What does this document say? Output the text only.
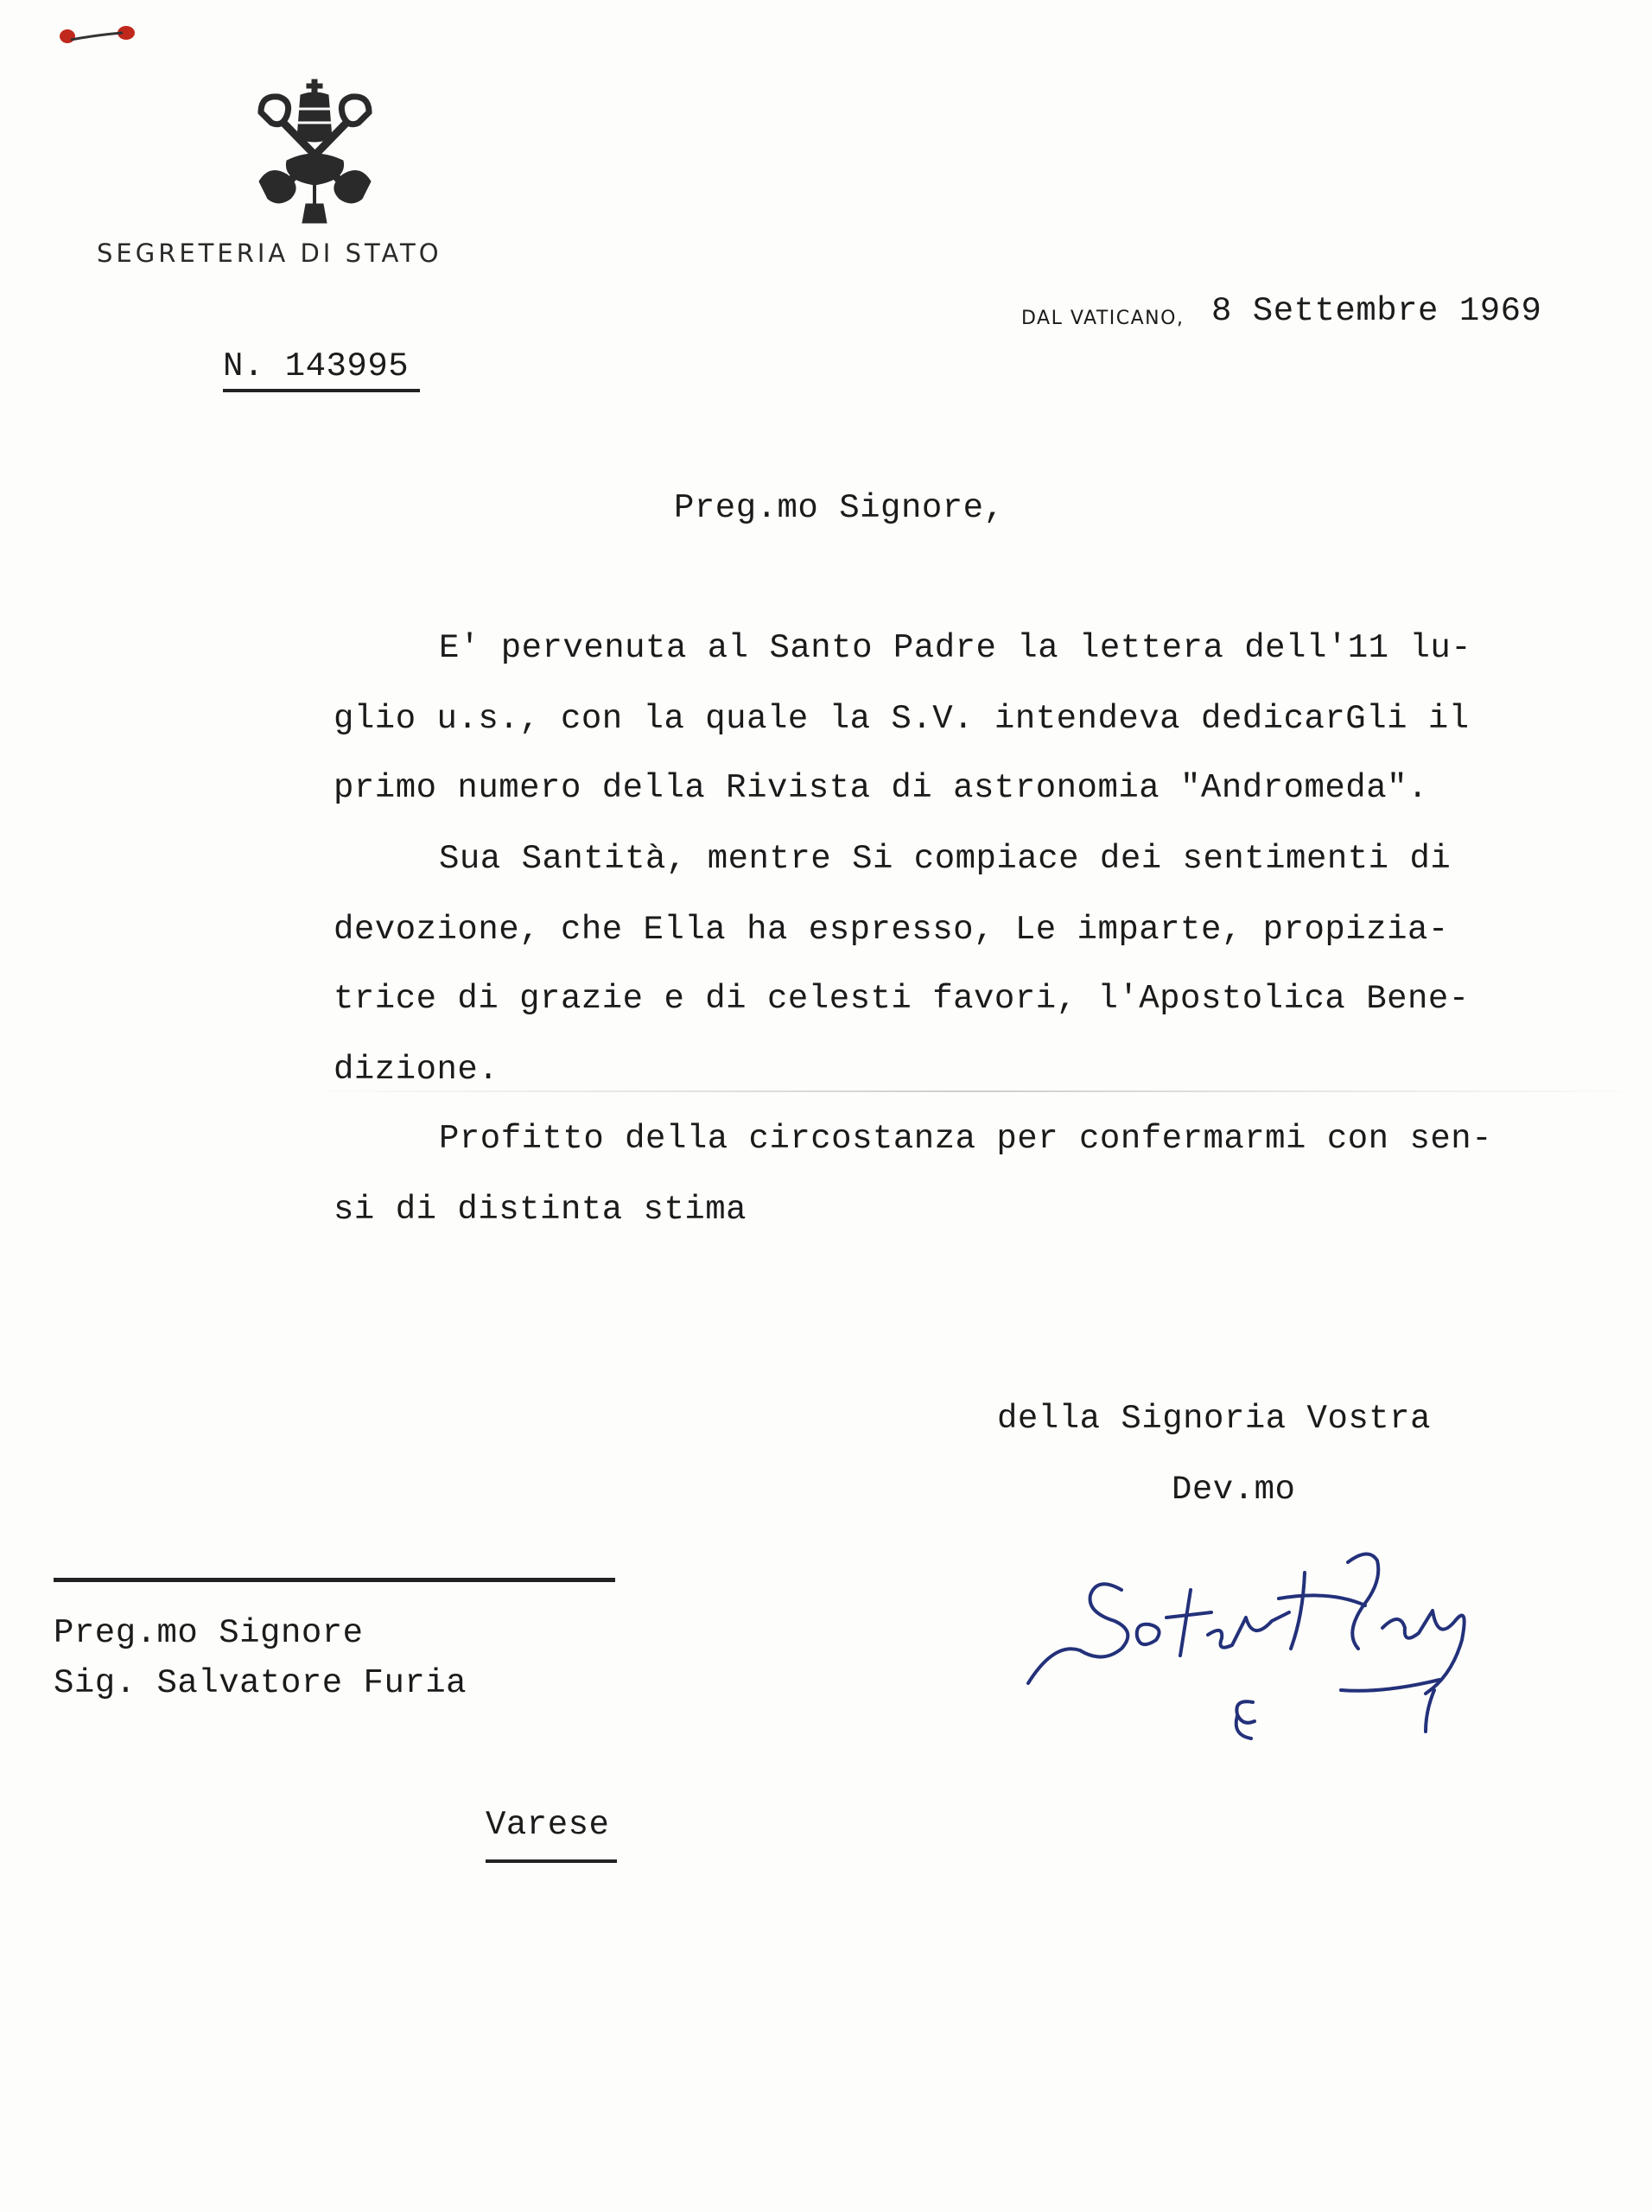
SEGRETERIA DI STATO
DAL VATICANO, 8 Settembre 1969
N. 143995
Preg.mo Signore,
E' pervenuta al Santo Padre la lettera dell'11 lu-
glio u.s., con la quale la S.V. intendeva dedicarGli il
primo numero della Rivista di astronomia "Andromeda".
Sua Santità, mentre Si compiace dei sentimenti di
devozione, che Ella ha espresso, Le imparte, propizia-
trice di grazie e di celesti favori, l'Apostolica Bene-
dizione.
Profitto della circostanza per confermarmi con sen-
si di distinta stima
della Signoria Vostra
Dev.mo
Preg.mo Signore
Sig. Salvatore Furia
Varese
